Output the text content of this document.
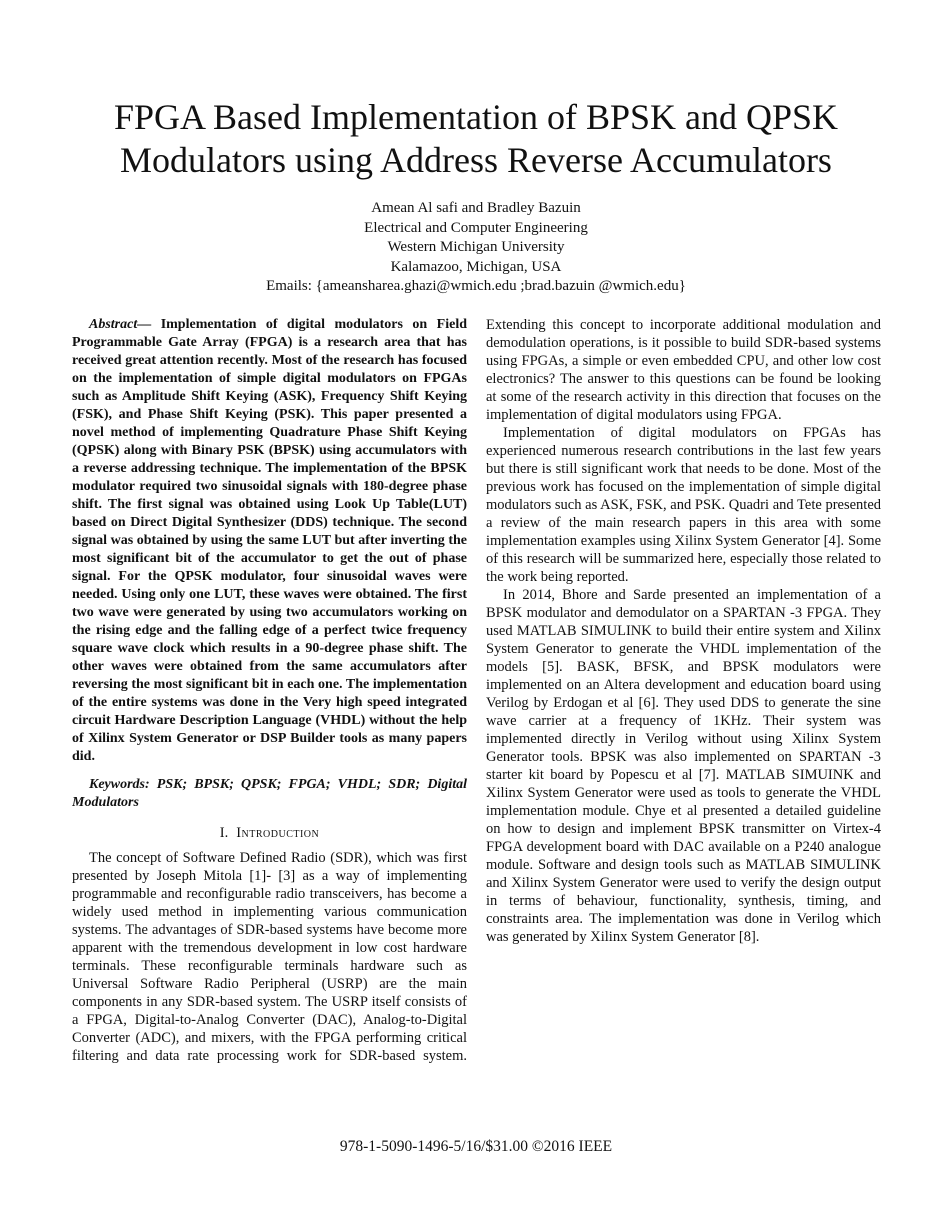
FPGA Based Implementation of BPSK and QPSK
Modulators using Address Reverse Accumulators
Amean Al safi and Bradley Bazuin
Electrical and Computer Engineering
Western Michigan University
Kalamazoo, Michigan, USA
Emails: {ameansharea.ghazi@wmich.edu ;brad.bazuin @wmich.edu}

Abstract— Implementation of digital modulators on Field Programmable Gate Array (FPGA) is a research area that has received great attention recently. Most of the research has focused on the implementation of simple digital modulators on FPGAs such as Amplitude Shift Keying (ASK), Frequency Shift Keying (FSK), and Phase Shift Keying (PSK). This paper presented a novel method of implementing Quadrature Phase Shift Keying (QPSK) along with Binary PSK (BPSK) using accumulators with a reverse addressing technique. The implementation of the BPSK modulator required two sinusoidal signals with 180-degree phase shift. The first signal was obtained using Look Up Table(LUT) based on Direct Digital Synthesizer (DDS) technique. The second signal was obtained by using the same LUT but after inverting the most significant bit of the accumulator to get the out of phase signal. For the QPSK modulator, four sinusoidal waves were needed. Using only one LUT, these waves were obtained. The first two wave were generated by using two accumulators working on the rising edge and the falling edge of a perfect twice frequency square wave clock which results in a 90-degree phase shift. The other waves were obtained from the same accumulators after reversing the most significant bit in each one. The implementation of the entire systems was done in the Very high speed integrated circuit Hardware Description Language (VHDL) without the help of Xilinx System Generator or DSP Builder tools as many papers did.

Keywords: PSK; BPSK; QPSK; FPGA; VHDL; SDR; Digital Modulators

I. Introduction

The concept of Software Defined Radio (SDR), which was first presented by Joseph Mitola [1]- [3] as a way of implementing programmable and reconfigurable radio transceivers, has become a widely used method in implementing various communication systems. The advantages of SDR-based systems have become more apparent with the tremendous development in low cost hardware terminals. These reconfigurable terminals hardware such as Universal Software Radio Peripheral (USRP) are the main components in any SDR-based system. The USRP itself consists of a FPGA, Digital-to-Analog Converter (DAC), Analog-to-Digital Converter (ADC), and mixers, with the FPGA performing critical filtering and data rate processing work for SDR-based system. Extending this concept to incorporate additional modulation and demodulation operations, is it possible to build SDR-based systems using FPGAs, a simple or even embedded CPU, and other low cost electronics? The answer to this questions can be found be looking at some of the research activity in this direction that focuses on the implementation of digital modulators using FPGA.

Implementation of digital modulators on FPGAs has experienced numerous research contributions in the last few years but there is still significant work that needs to be done. Most of the previous work has focused on the implementation of simple digital modulators such as ASK, FSK, and PSK. Quadri and Tete presented a review of the main research papers in this area with some implementation examples using Xilinx System Generator [4]. Some of this research will be summarized here, especially those related to the work being reported.

In 2014, Bhore and Sarde presented an implementation of a BPSK modulator and demodulator on a SPARTAN -3 FPGA. They used MATLAB SIMULINK to build their entire system and Xilinx System Generator to generate the VHDL implementation of the models [5]. BASK, BFSK, and BPSK modulators were implemented on an Altera development and education board using Verilog by Erdogan et al [6]. They used DDS to generate the sine wave carrier at a frequency of 1KHz. Their system was implemented directly in Verilog without using Xilinx System Generator tools. BPSK was also implemented on SPARTAN -3 starter kit board by Popescu et al [7]. MATLAB SIMUINK and Xilinx System Generator were used as tools to generate the VHDL implementation module. Chye et al presented a detailed guideline on how to design and implement BPSK transmitter on Virtex-4 FPGA development board with DAC available on a P240 analogue module. Software and design tools such as MATLAB SIMULINK and Xilinx System Generator were used to verify the design output in terms of behaviour, functionality, synthesis, timing, and constraints area. The implementation was done in Verilog which was generated by Xilinx System Generator [8].

978-1-5090-1496-5/16/$31.00 ©2016 IEEE
